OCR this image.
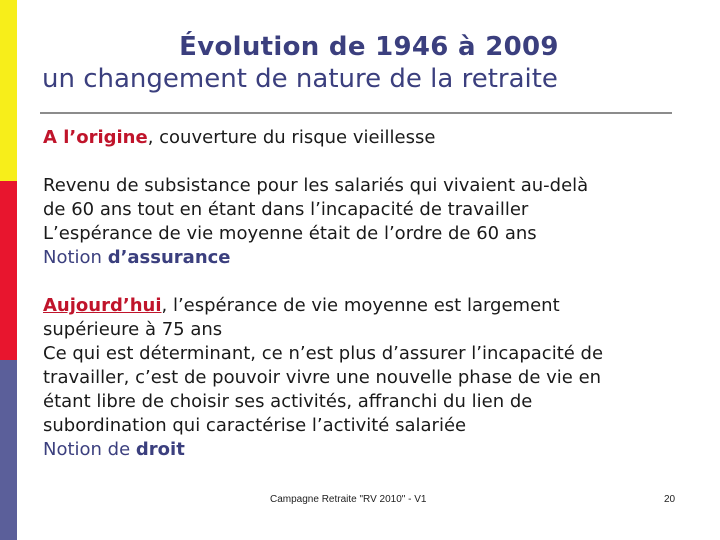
Évolution de 1946 à 2009
un changement de nature de la retraite

A l’origine, couverture du risque vieillesse

Revenu de subsistance pour les salariés qui vivaient au-delà

de 60 ans tout en étant dans l’incapacité de travailler

L’espérance de vie moyenne était de l’ordre de 60 ans

Notion d’assurance

Aujourd’hui, l’espérance de vie moyenne est largement

supérieure à 75 ans

Ce qui est déterminant, ce n’est plus d’assurer l’incapacité de

travailler, c’est de pouvoir vivre une nouvelle phase de vie en

étant libre de choisir ses activités, affranchi du lien de

subordination qui caractérise l’activité salariée

Notion de droit

Campagne Retraite "RV 2010" - V1	20
